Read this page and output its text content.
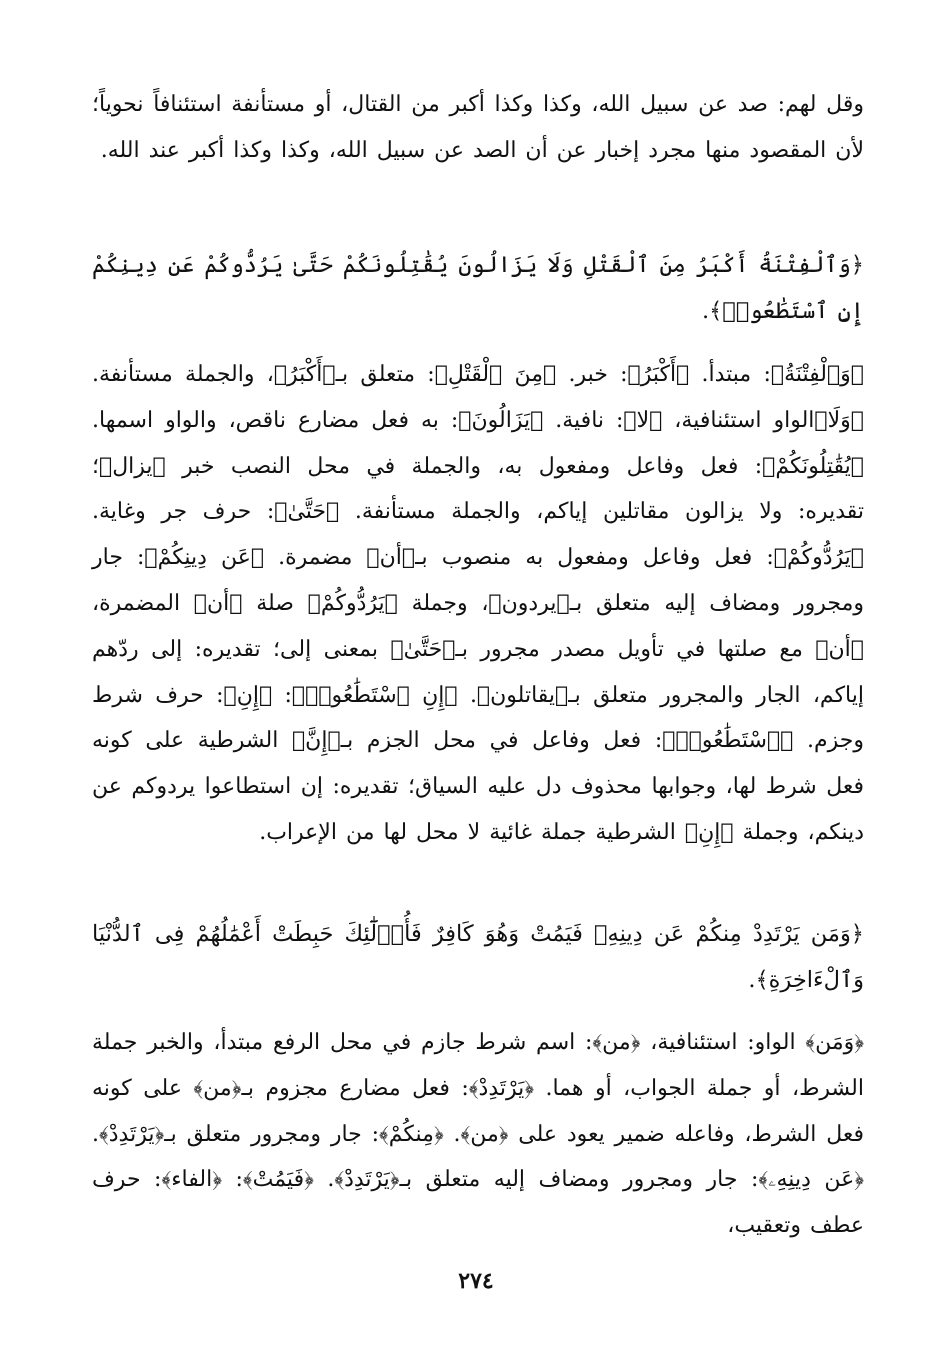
وقل لهم: صد عن سبيل الله، وكذا وكذا أكبر من القتال، أو مستأنفة استئنافاً نحوياً؛ لأن المقصود منها مجرد إخبار عن أن الصد عن سبيل الله، وكذا وكذا أكبر عند الله.

﴿وَٱلْفِتْنَةُ أَكْبَرُ مِنَ ٱلْقَتْلِ وَلَا يَزَالُونَ يُقَٰتِلُونَكُمْ حَتَّىٰ يَرُدُّوكُمْ عَن دِينِكُمْ إِنِ ٱسْتَطَٰعُوا۟﴾.

﴿وَٱلْفِتْنَةُ﴾: مبتدأ. ﴿أَكْبَرُ﴾: خبر. ﴿مِنَ ٱلْقَتْلِ﴾: متعلق بـ﴿أَكْبَرُ﴾، والجملة مستأنفة. ﴿وَلَا﴾الواو استئنافية، ﴿لا﴾: نافية. ﴿يَزَالُونَ﴾: به فعل مضارع ناقص، والواو اسمها. ﴿يُقَٰتِلُونَكُمْ﴾: فعل وفاعل ومفعول به، والجملة في محل النصب خبر ﴿يزال﴾؛ تقديره: ولا يزالون مقاتلين إياكم، والجملة مستأنفة. ﴿حَتَّىٰ﴾: حرف جر وغاية. ﴿يَرُدُّوكُمْ﴾: فعل وفاعل ومفعول به منصوب بـ﴿أن﴾ مضمرة. ﴿عَن دِينِكُمْ﴾: جار ومجرور ومضاف إليه متعلق بـ﴿يردون﴾، وجملة ﴿يَرُدُّوكُمْ﴾ صلة ﴿أن﴾ المضمرة، ﴿أن﴾ مع صلتها في تأويل مصدر مجرور بـ﴿حَتَّىٰ﴾ بمعنى إلى؛ تقديره: إلى ردّهم إياكم، الجار والمجرور متعلق بـ﴿يقاتلون﴾. ﴿إِنِ ٱسْتَطَٰعُوا۟﴾: ﴿إِنِ﴾: حرف شرط وجزم. ﴿ٱسْتَطَٰعُوا۟﴾: فعل وفاعل في محل الجزم بـ﴿إِنَّ﴾ الشرطية على كونه فعل شرط لها، وجوابها محذوف دل عليه السياق؛ تقديره: إن استطاعوا يردوكم عن دينكم، وجملة ﴿إِنِ﴾ الشرطية جملة غائية لا محل لها من الإعراب.

﴿وَمَن يَرْتَدِدْ مِنكُمْ عَن دِينِهِۦ فَيَمُتْ وَهُوَ كَافِرٌ فَأُو۟لَٰٓئِكَ حَبِطَتْ أَعْمَٰلُهُمْ فِى ٱلدُّنْيَا وَٱلْءَاخِرَةِ﴾.

﴿وَمَن﴾ الواو: استئنافية، ﴿من﴾: اسم شرط جازم في محل الرفع مبتدأ، والخبر جملة الشرط، أو جملة الجواب، أو هما. ﴿يَرْتَدِدْ﴾: فعل مضارع مجزوم بـ﴿من﴾ على كونه فعل الشرط، وفاعله ضمير يعود على ﴿من﴾. ﴿مِنكُمْ﴾: جار ومجرور متعلق بـ﴿يَرْتَدِدْ﴾. ﴿عَن دِينِهِۦ﴾: جار ومجرور ومضاف إليه متعلق بـ﴿يَرْتَدِدْ﴾. ﴿فَيَمُتْ﴾: ﴿الفاء﴾: حرف عطف وتعقيب،

٢٧٤
